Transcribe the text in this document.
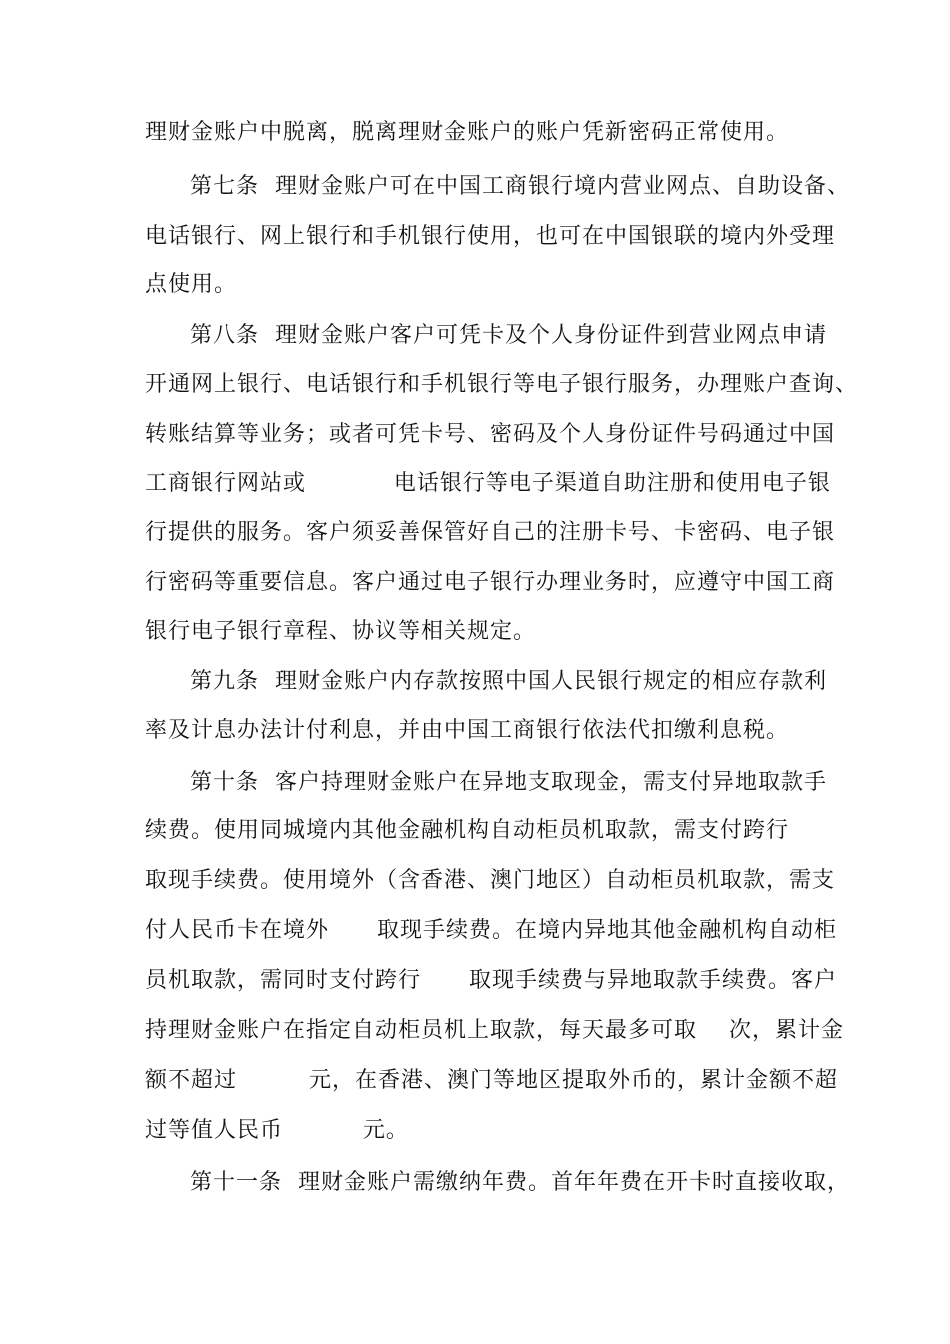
理财金账户中脱离，脱离理财金账户的账户凭新密码正常使用。
第七条  理财金账户可在中国工商银行境内营业网点、自助设备、
电话银行、网上银行和手机银行使用，也可在中国银联的境内外受理
点使用。
第八条  理财金账户客户可凭卡及个人身份证件到营业网点申请
开通网上银行、电话银行和手机银行等电子银行服务，办理账户查询、
转账结算等业务；或者可凭卡号、密码及个人身份证件号码通过中国
工商银行网站或           电话银行等电子渠道自助注册和使用电子银
行提供的服务。客户须妥善保管好自己的注册卡号、卡密码、电子银
行密码等重要信息。客户通过电子银行办理业务时，应遵守中国工商
银行电子银行章程、协议等相关规定。
第九条  理财金账户内存款按照中国人民银行规定的相应存款利
率及计息办法计付利息，并由中国工商银行依法代扣缴利息税。
第十条  客户持理财金账户在异地支取现金，需支付异地取款手
续费。使用同城境内其他金融机构自动柜员机取款，需支付跨行
取现手续费。使用境外（含香港、澳门地区）自动柜员机取款，需支
付人民币卡在境外      取现手续费。在境内异地其他金融机构自动柜
员机取款，需同时支付跨行      取现手续费与异地取款手续费。客户
持理财金账户在指定自动柜员机上取款，每天最多可取    次，累计金
额不超过         元，在香港、澳门等地区提取外币的，累计金额不超
过等值人民币          元。
第十一条  理财金账户需缴纳年费。首年年费在开卡时直接收取，
